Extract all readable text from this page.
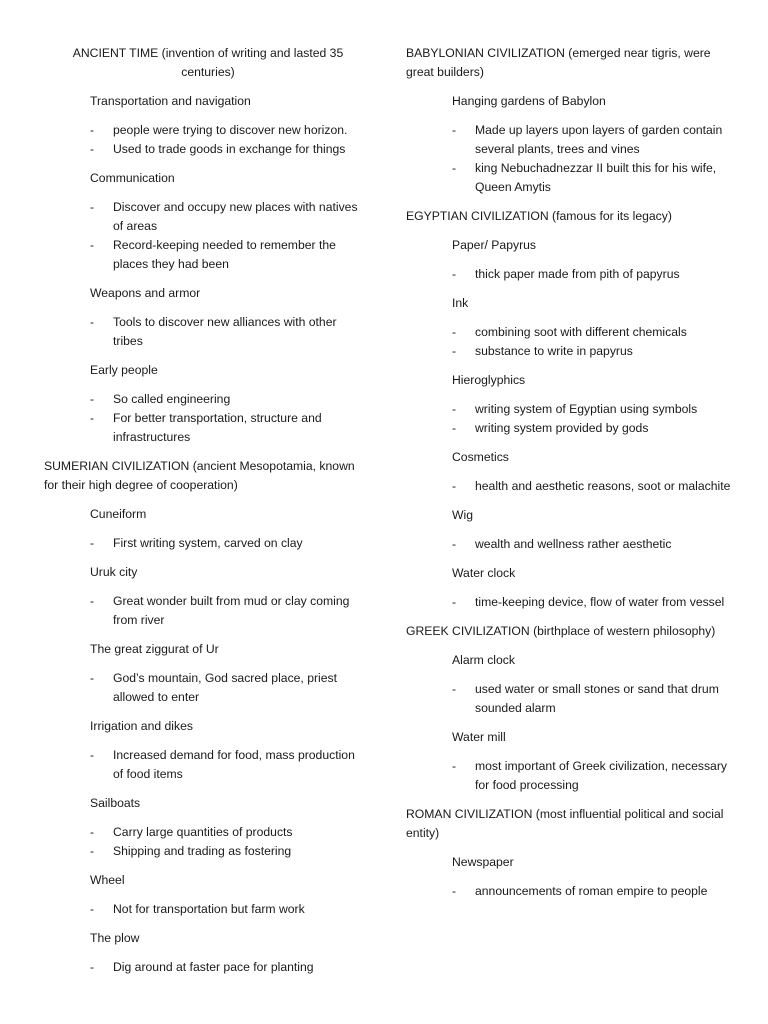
ANCIENT TIME (invention of writing and lasted 35 centuries)
Transportation and navigation
- people were trying to discover new horizon.
- Used to trade goods in exchange for things
Communication
- Discover and occupy new places with natives of areas
- Record-keeping needed to remember the places they had been
Weapons and armor
- Tools to discover new alliances with other tribes
Early people
- So called engineering
- For better transportation, structure and infrastructures
SUMERIAN CIVILIZATION (ancient Mesopotamia, known for their high degree of cooperation)
Cuneiform
- First writing system, carved on clay
Uruk city
- Great wonder built from mud or clay coming from river
The great ziggurat of Ur
- God’s mountain, God sacred place, priest allowed to enter
Irrigation and dikes
- Increased demand for food, mass production of food items
Sailboats
- Carry large quantities of products
- Shipping and trading as fostering
Wheel
- Not for transportation but farm work
The plow
- Dig around at faster pace for planting
BABYLONIAN CIVILIZATION (emerged near tigris, were great builders)
Hanging gardens of Babylon
- Made up layers upon layers of garden contain several plants, trees and vines
- king Nebuchadnezzar II built this for his wife, Queen Amytis
EGYPTIAN CIVILIZATION (famous for its legacy)
Paper/ Papyrus
- thick paper made from pith of papyrus
Ink
- combining soot with different chemicals
- substance to write in papyrus
Hieroglyphics
- writing system of Egyptian using symbols
- writing system provided by gods
Cosmetics
- health and aesthetic reasons, soot or malachite
Wig
- wealth and wellness rather aesthetic
Water clock
- time-keeping device, flow of water from vessel
GREEK CIVILIZATION (birthplace of western philosophy)
Alarm clock
- used water or small stones or sand that drum sounded alarm
Water mill
- most important of Greek civilization, necessary for food processing
ROMAN CIVILIZATION (most influential political and social entity)
Newspaper
- announcements of roman empire to people
